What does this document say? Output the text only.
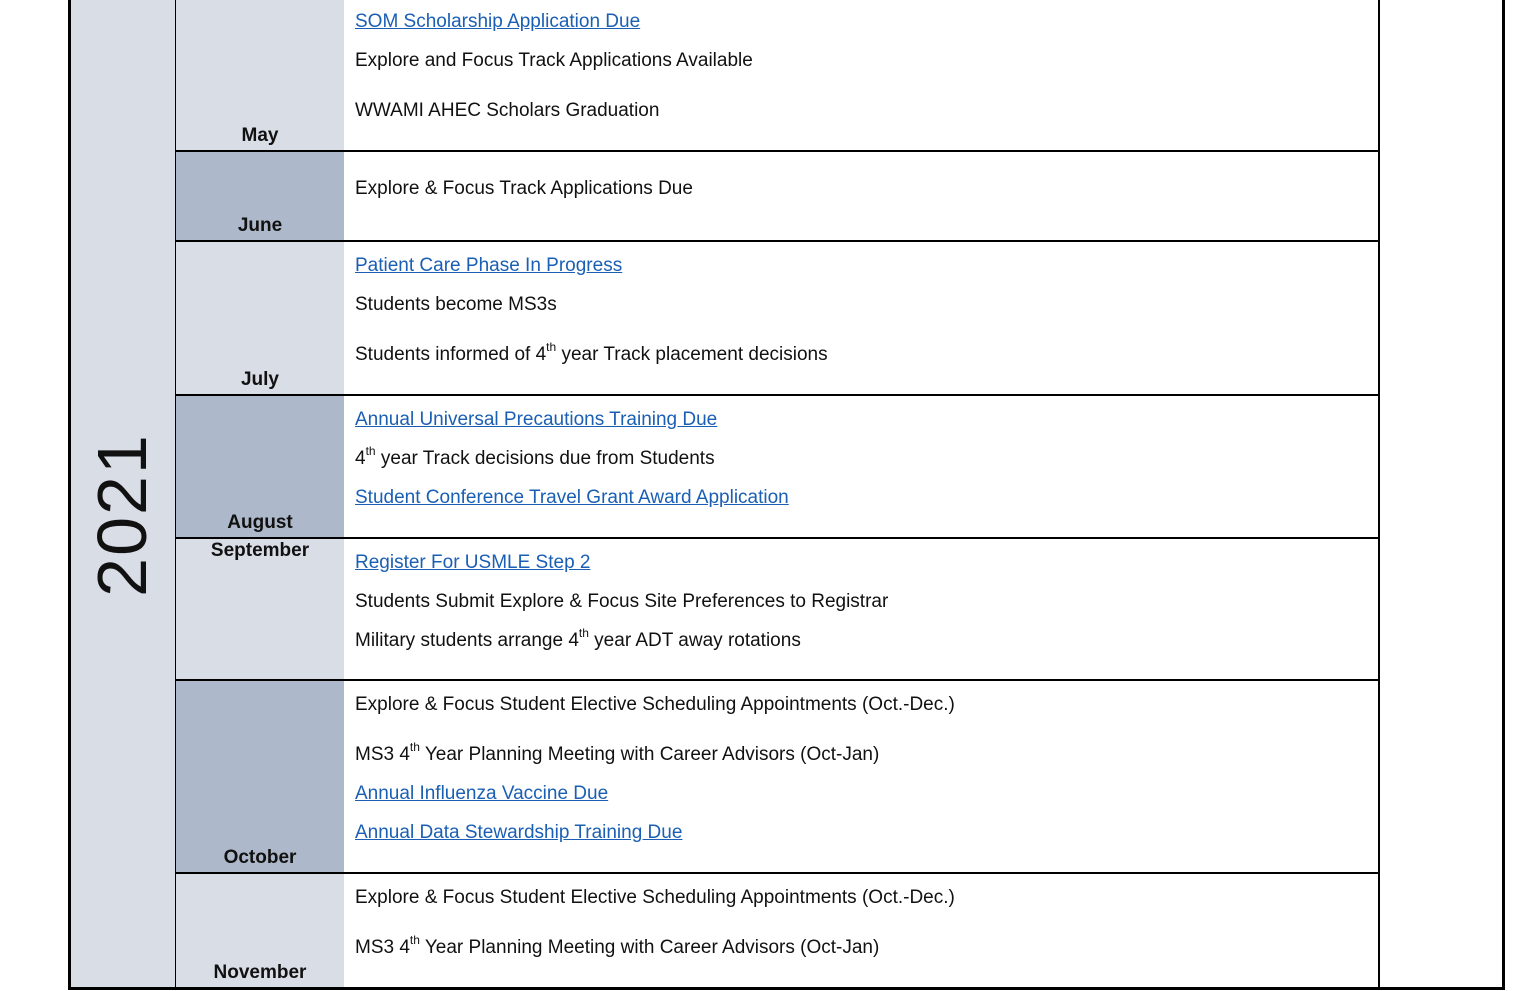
2021
May
SOM Scholarship Application Due
Explore and Focus Track Applications Available
WWAMI AHEC Scholars Graduation
June
Explore & Focus Track Applications Due
July
Patient Care Phase In Progress
Students become MS3s
Students informed of 4th year Track placement decisions
August
Annual Universal Precautions Training Due
4th year Track decisions due from Students
Student Conference Travel Grant Award Application
September
Register For USMLE Step 2
Students Submit Explore & Focus Site Preferences to Registrar
Military students arrange 4th year ADT away rotations
October
Explore & Focus Student Elective Scheduling Appointments (Oct.-Dec.)
MS3 4th Year Planning Meeting with Career Advisors (Oct-Jan)
Annual Influenza Vaccine Due
Annual Data Stewardship Training Due
November
Explore & Focus Student Elective Scheduling Appointments (Oct.-Dec.)
MS3 4th Year Planning Meeting with Career Advisors (Oct-Jan)
